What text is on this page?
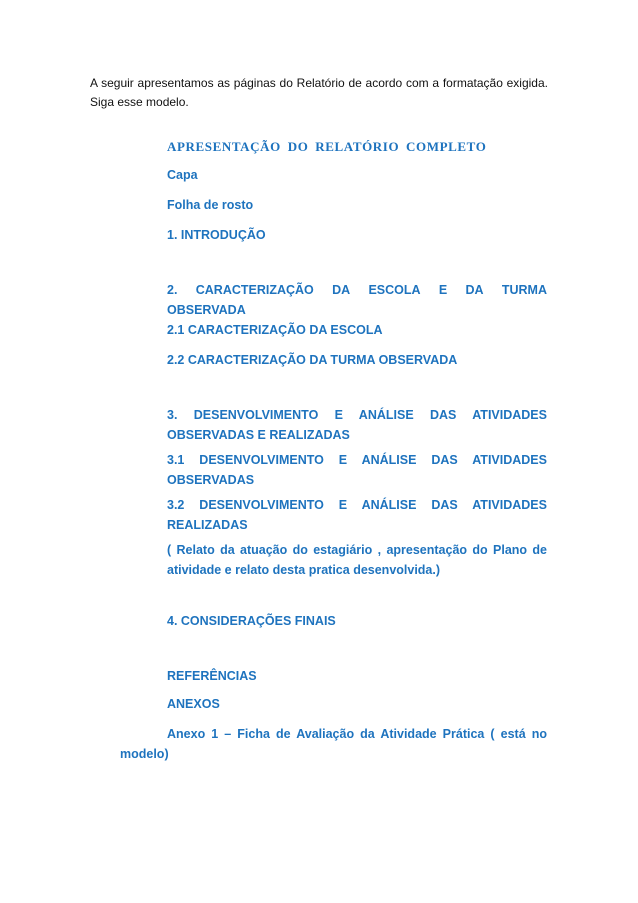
A seguir apresentamos as páginas do Relatório de acordo com a formatação exigida.
Siga esse modelo.
APRESENTAÇÃO DO RELATÓRIO COMPLETO
Capa
Folha de rosto
1. INTRODUÇÃO
2. CARACTERIZAÇÃO DA ESCOLA E DA TURMA
OBSERVADA
2.1 CARACTERIZAÇÃO DA ESCOLA
2.2 CARACTERIZAÇÃO DA TURMA OBSERVADA
3. DESENVOLVIMENTO E ANÁLISE DAS ATIVIDADES
OBSERVADAS E REALIZADAS
3.1 DESENVOLVIMENTO E ANÁLISE DAS ATIVIDADES
OBSERVADAS
3.2 DESENVOLVIMENTO E ANÁLISE DAS ATIVIDADES
REALIZADAS
( Relato da atuação do estagiário , apresentação do Plano de
atividade e relato desta pratica desenvolvida.)
4. CONSIDERAÇÕES FINAIS
REFERÊNCIAS
ANEXOS
Anexo 1 – Ficha de Avaliação da Atividade Prática ( está no
modelo)
